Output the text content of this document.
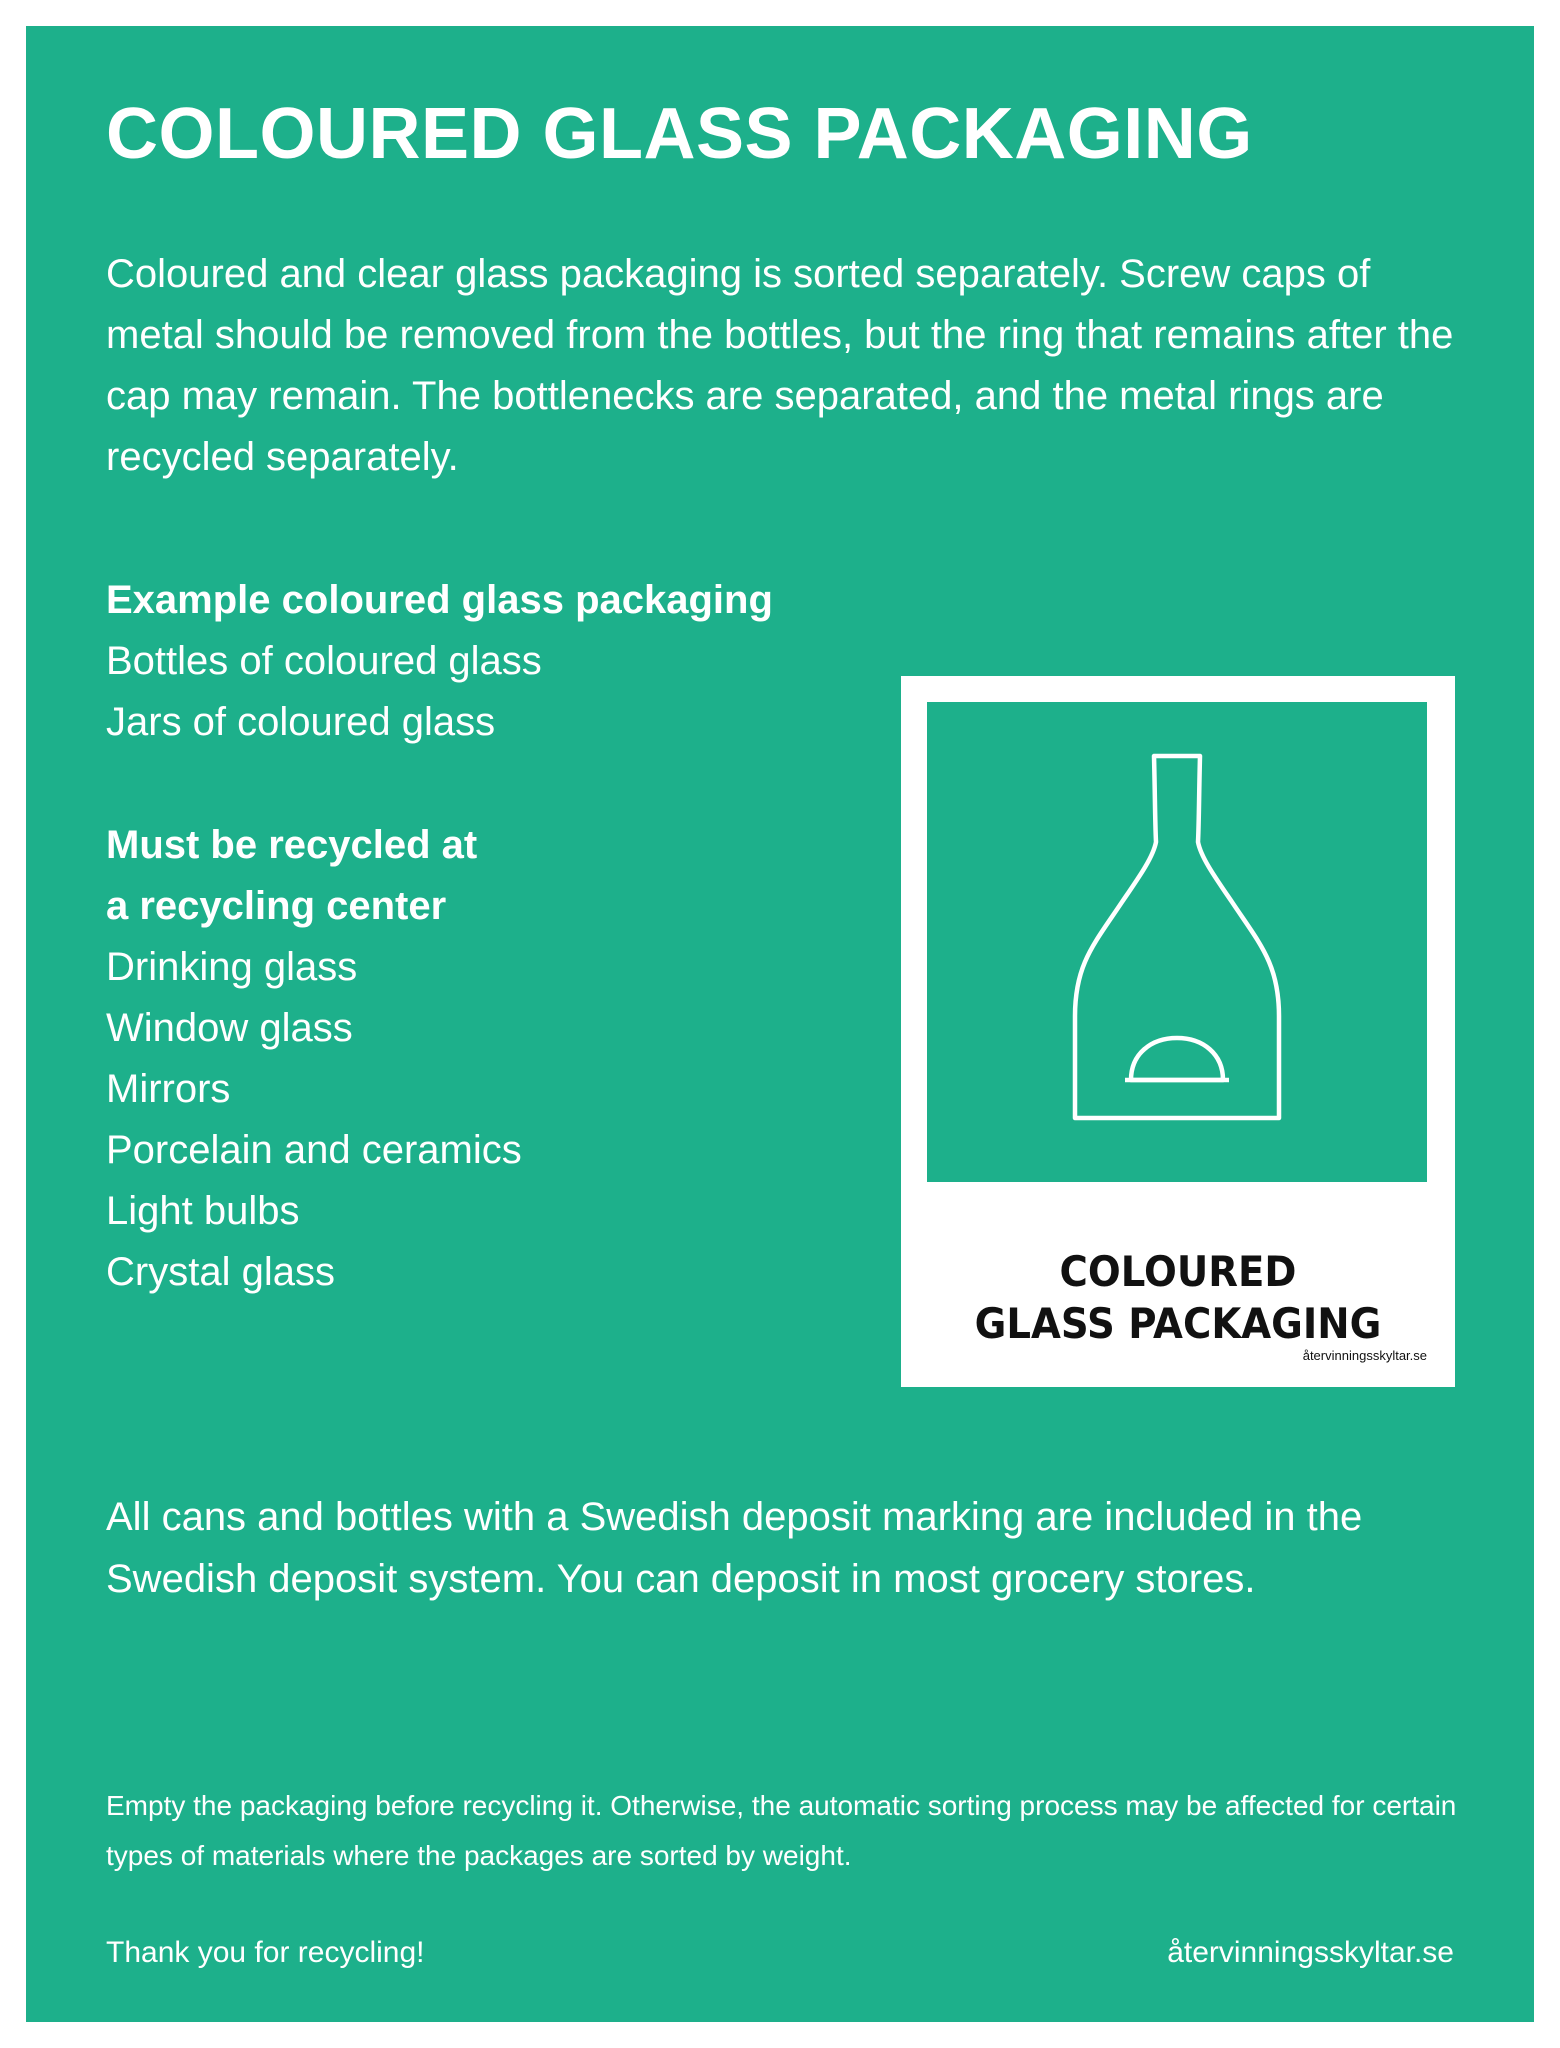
COLOURED GLASS PACKAGING

Coloured and clear glass packaging is sorted separately. Screw caps of metal should be removed from the bottles, but the ring that remains after the cap may remain. The bottlenecks are separated, and the metal rings are recycled separately.

Example coloured glass packaging
Bottles of coloured glass
Jars of coloured glass
Must be recycled at
a recycling center
Drinking glass
Window glass
Mirrors
Porcelain and ceramics
Light bulbs
Crystal glass	COLOURED
GLASS PACKAGING
återvinningsskyltar.se

All cans and bottles with a Swedish deposit marking are included in the Swedish deposit system. You can deposit in most grocery stores.

Empty the packaging before recycling it. Otherwise, the automatic sorting process may be affected for certain types of materials where the packages are sorted by weight.

Thank you for recycling!	återvinningsskyltar.se
